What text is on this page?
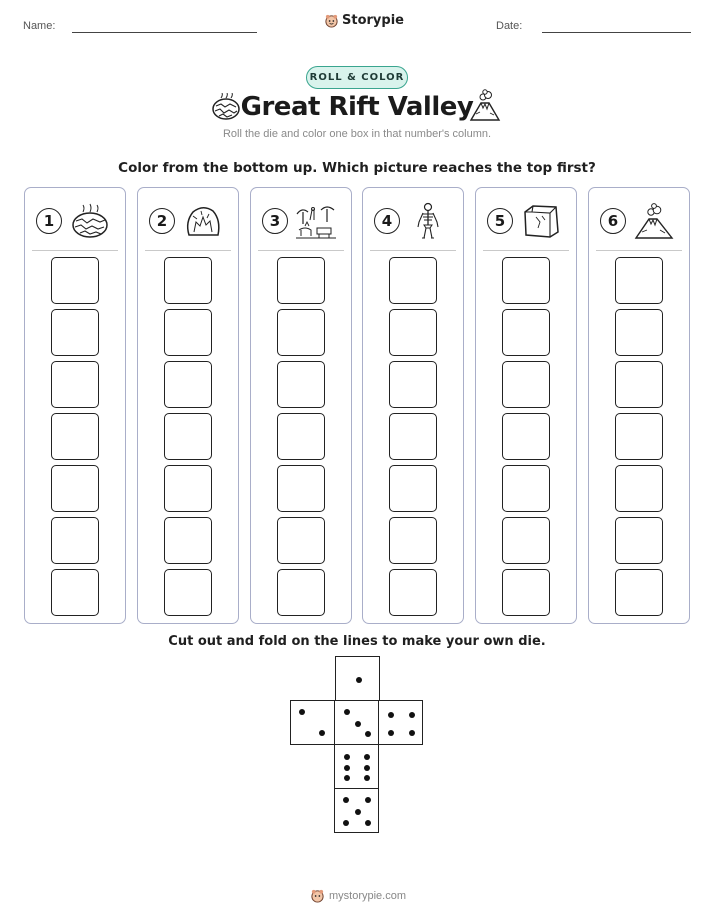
Name:	Storypie	Date:
ROLL & COLOR
Great Rift Valley
Roll the die and color one box in that number's column.
Color from the bottom up. Which picture reaches the top first?
1	2	3	4	5	6
Cut out and fold on the lines to make your own die.
mystorypie.com
